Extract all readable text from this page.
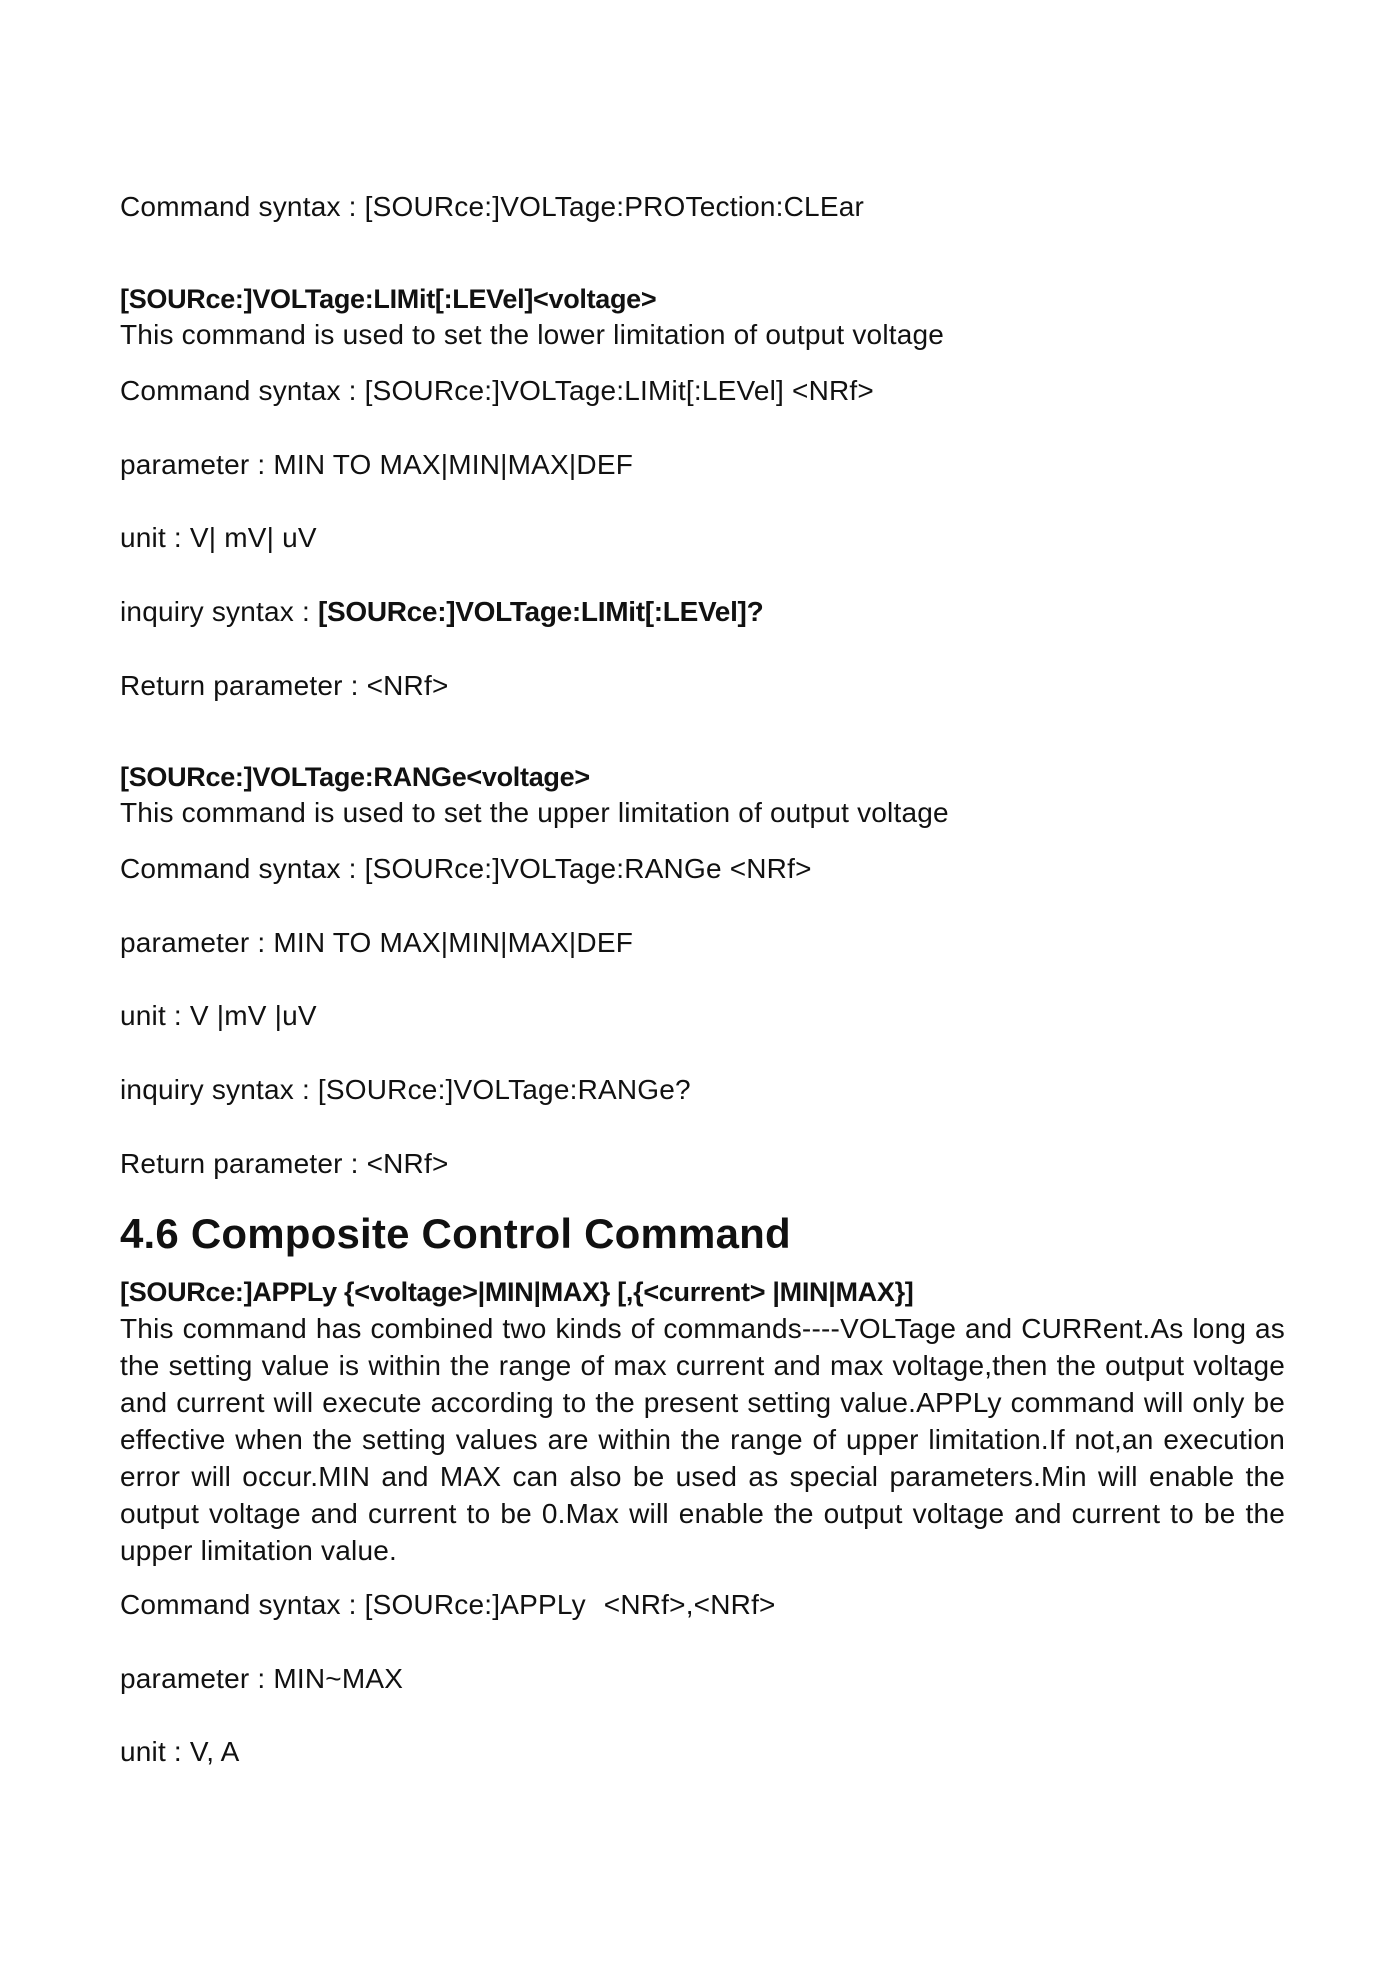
Command syntax : [SOURce:]VOLTage:PROTection:CLEar
[SOURce:]VOLTage:LIMit[:LEVel]<voltage>
This command is used to set the lower limitation of output voltage
Command syntax : [SOURce:]VOLTage:LIMit[:LEVel] <NRf>
parameter : MIN TO MAX|MIN|MAX|DEF
unit : V| mV| uV
inquiry syntax : [SOURce:]VOLTage:LIMit[:LEVel]?
Return parameter : <NRf>
[SOURce:]VOLTage:RANGe<voltage>
This command is used to set the upper limitation of output voltage
Command syntax : [SOURce:]VOLTage:RANGe <NRf>
parameter : MIN TO MAX|MIN|MAX|DEF
unit : V |mV |uV
inquiry syntax : [SOURce:]VOLTage:RANGe?
Return parameter : <NRf>
4.6 Composite Control Command
[SOURce:]APPLy {<voltage>|MIN|MAX} [,{<current> |MIN|MAX}]
This command has combined two kinds of commands----VOLTage and CURRent.As long as the setting value is within the range of max current and max voltage,then the output voltage and current will execute according to the present setting value.APPLy command will only be effective when the setting values are within the range of upper limitation.If not,an execution error will occur.MIN and MAX can also be used as special parameters.Min will enable the output voltage and current to be 0.Max will enable the output voltage and current to be the upper limitation value.
Command syntax : [SOURce:]APPLy <NRf>,<NRf>
parameter : MIN~MAX
unit : V, A
